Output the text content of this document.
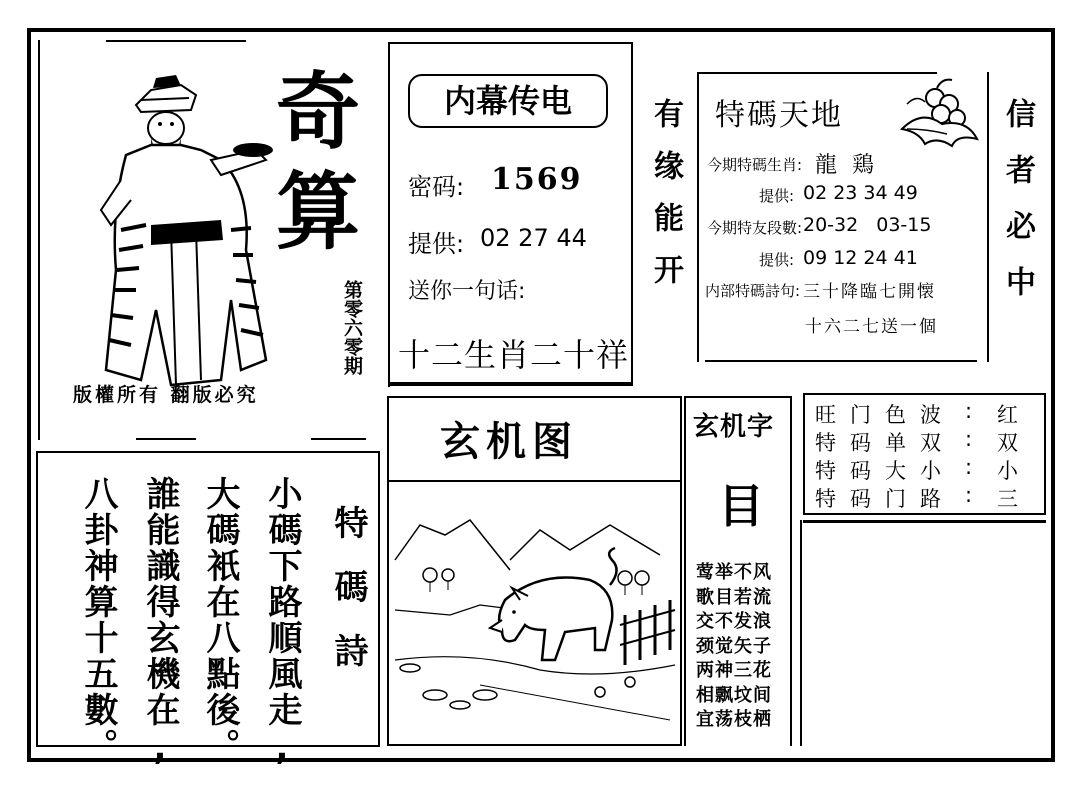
奇
算
第零六零期
版權所有 翻版必究
内幕传电
密码: 1569
提供: 02 27 44
送你一句话:
十二生肖二十祥
有缘能开 特碼天地
今期特碼生肖: 龍 鶏
提供: 02 23 34 49
今期特友段數: 20-32 03-15
提供: 09 12 24 41
内部特碼詩句: 三十降臨七開懐
十六二七送一個
信者必中
旺门色波 : 红
特码单双 : 双
特码大小 : 小
特码门路 : 三
特碼詩
小碼下路順風走,
大碼衹在八點後。
誰能識得玄機在,
八卦神算十五數。
玄机图	玄机字
目
莺举不风
歌目若流
交不发浪
颈觉矢子
两神三花
相飘坟间
宜荡枝栖
